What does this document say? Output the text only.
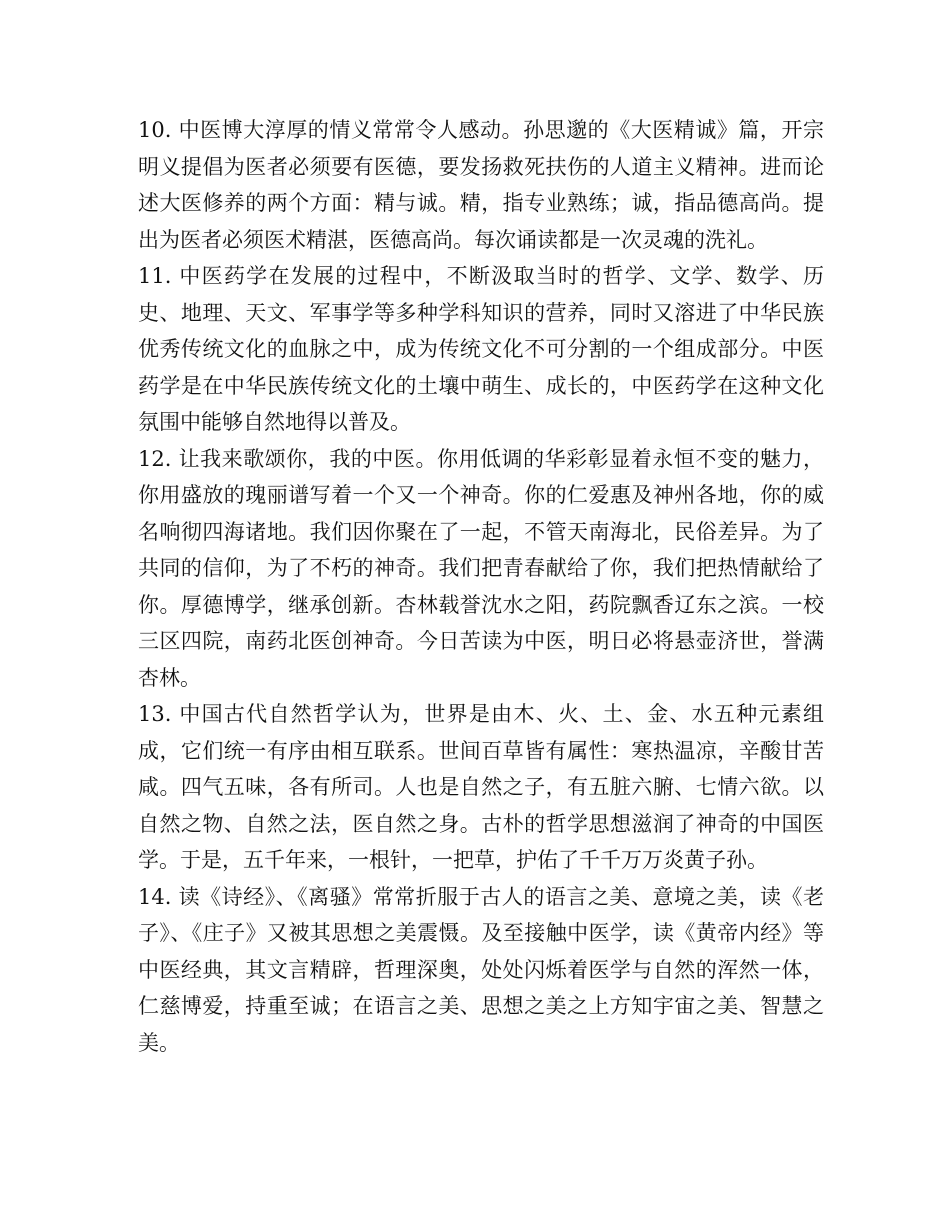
10. 中医博大淳厚的情义常常令人感动。孙思邈的《大医精诚》篇，开宗明义提倡为医者必须要有医德，要发扬救死扶伤的人道主义精神。进而论述大医修养的两个方面：精与诚。精，指专业熟练；诚，指品德高尚。提出为医者必须医术精湛，医德高尚。每次诵读都是一次灵魂的洗礼。

11. 中医药学在发展的过程中，不断汲取当时的哲学、文学、数学、历史、地理、天文、军事学等多种学科知识的营养，同时又溶进了中华民族优秀传统文化的血脉之中，成为传统文化不可分割的一个组成部分。中医药学是在中华民族传统文化的土壤中萌生、成长的，中医药学在这种文化氛围中能够自然地得以普及。

12. 让我来歌颂你，我的中医。你用低调的华彩彰显着永恒不变的魅力，你用盛放的瑰丽谱写着一个又一个神奇。你的仁爱惠及神州各地，你的威名响彻四海诸地。我们因你聚在了一起，不管天南海北，民俗差异。为了共同的信仰，为了不朽的神奇。我们把青春献给了你，我们把热情献给了你。厚德博学，继承创新。杏林载誉沈水之阳，药院飘香辽东之滨。一校三区四院，南药北医创神奇。今日苦读为中医，明日必将悬壶济世，誉满杏林。

13. 中国古代自然哲学认为，世界是由木、火、土、金、水五种元素组成，它们统一有序由相互联系。世间百草皆有属性：寒热温凉，辛酸甘苦咸。四气五味，各有所司。人也是自然之子，有五脏六腑、七情六欲。以自然之物、自然之法，医自然之身。古朴的哲学思想滋润了神奇的中国医学。于是，五千年来，一根针，一把草，护佑了千千万万炎黄子孙。

14. 读《诗经》、《离骚》常常折服于古人的语言之美、意境之美，读《老子》、《庄子》又被其思想之美震慑。及至接触中医学，读《黄帝内经》等中医经典，其文言精辟，哲理深奥，处处闪烁着医学与自然的浑然一体，仁慈博爱，持重至诚；在语言之美、思想之美之上方知宇宙之美、智慧之美。
